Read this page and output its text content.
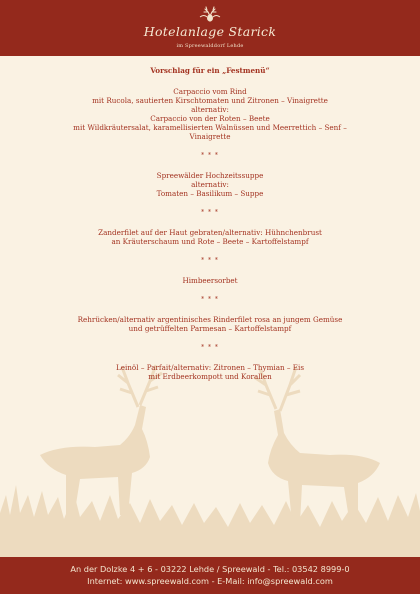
Hotelanlage Starick
im Spreewalddorf Lehde
Vorschlag für ein „Festmenü“
Carpaccio vom Rind
mit Rucola, sautierten Kirschtomaten und Zitronen – Vinaigrette
alternativ:
Carpaccio von der Roten – Beete
mit Wildkräutersalat, karamellisierten Walnüssen und Meerrettich – Senf –
Vinaigrette
* * *
Spreewälder Hochzeitssuppe
alternativ:
Tomaten – Basilikum – Suppe
* * *
Zanderfilet auf der Haut gebraten/alternativ: Hühnchenbrust
an Kräuterschaum und Rote – Beete – Kartoffelstampf
* * *
Himbeersorbet
* * *
Rehrücken/alternativ argentinisches Rinderfilet rosa an jungem Gemüse
und getrüffelten Parmesan – Kartoffelstampf
* * *
Leinöl – Parfait/alternativ: Zitronen – Thymian – Eis
mit Erdbeerkompott und Korallen
An der Dolzke 4 + 6 - 03222 Lehde / Spreewald - Tel.: 03542 8999-0
Internet: www.spreewald.com - E-Mail: info@spreewald.com
